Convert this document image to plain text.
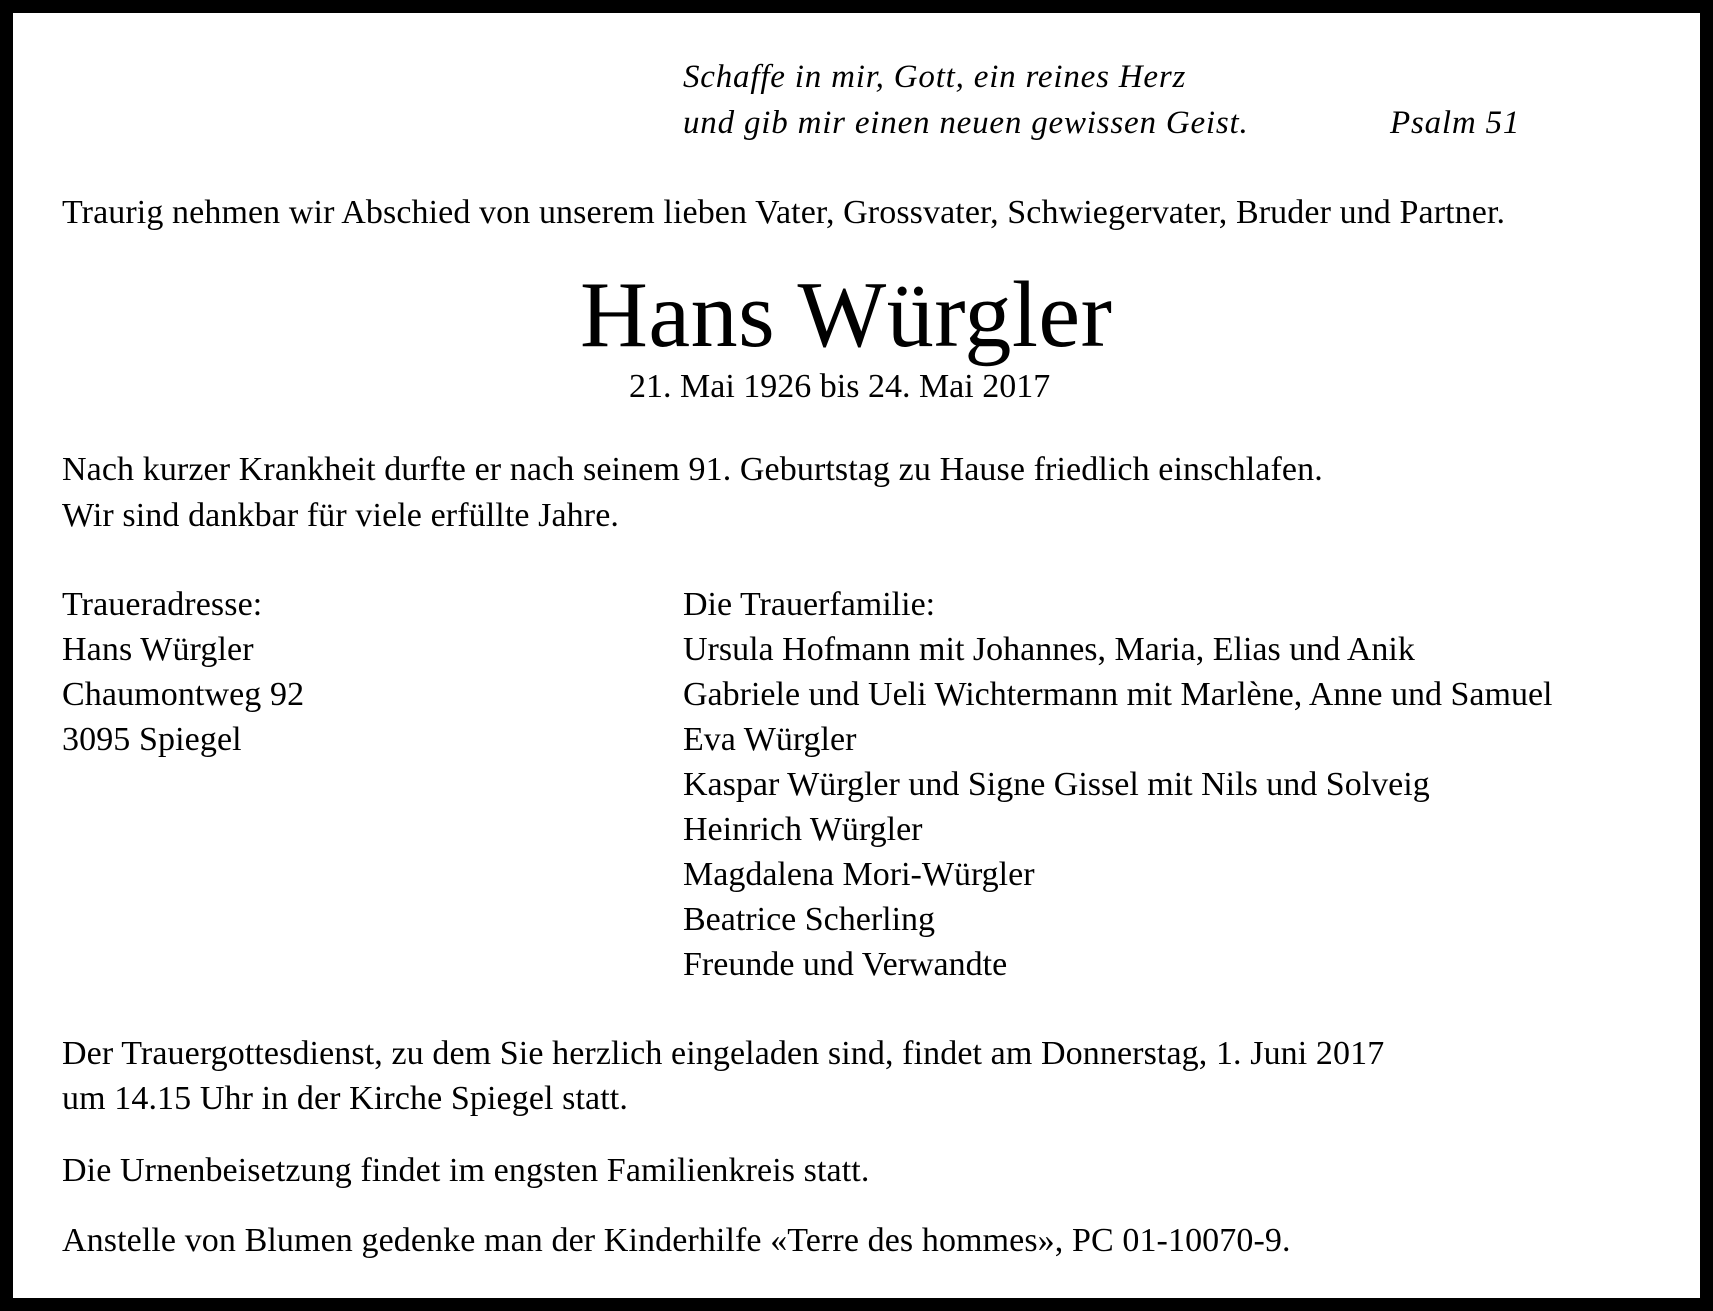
Schaffe in mir, Gott, ein reines Herz

und gib mir einen neuen gewissen Geist.	Psalm 51

Traurig nehmen wir Abschied von unserem lieben Vater, Grossvater, Schwiegervater, Bruder und Partner.

Hans Würgler

21. Mai 1926 bis 24. Mai 2017

Nach kurzer Krankheit durfte er nach seinem 91. Geburtstag zu Hause friedlich einschlafen.

Wir sind dankbar für viele erfüllte Jahre.

Traueradresse:

Hans Würgler

Chaumontweg 92

3095 Spiegel

Die Trauerfamilie:

Ursula Hofmann mit Johannes, Maria, Elias und Anik

Gabriele und Ueli Wichtermann mit Marlène, Anne und Samuel

Eva Würgler

Kaspar Würgler und Signe Gissel mit Nils und Solveig

Heinrich Würgler

Magdalena Mori-Würgler

Beatrice Scherling

Freunde und Verwandte

Der Trauergottesdienst, zu dem Sie herzlich eingeladen sind, findet am Donnerstag, 1. Juni 2017

um 14.15 Uhr in der Kirche Spiegel statt.

Die Urnenbeisetzung findet im engsten Familienkreis statt.

Anstelle von Blumen gedenke man der Kinderhilfe «Terre des hommes», PC 01-10070-9.
